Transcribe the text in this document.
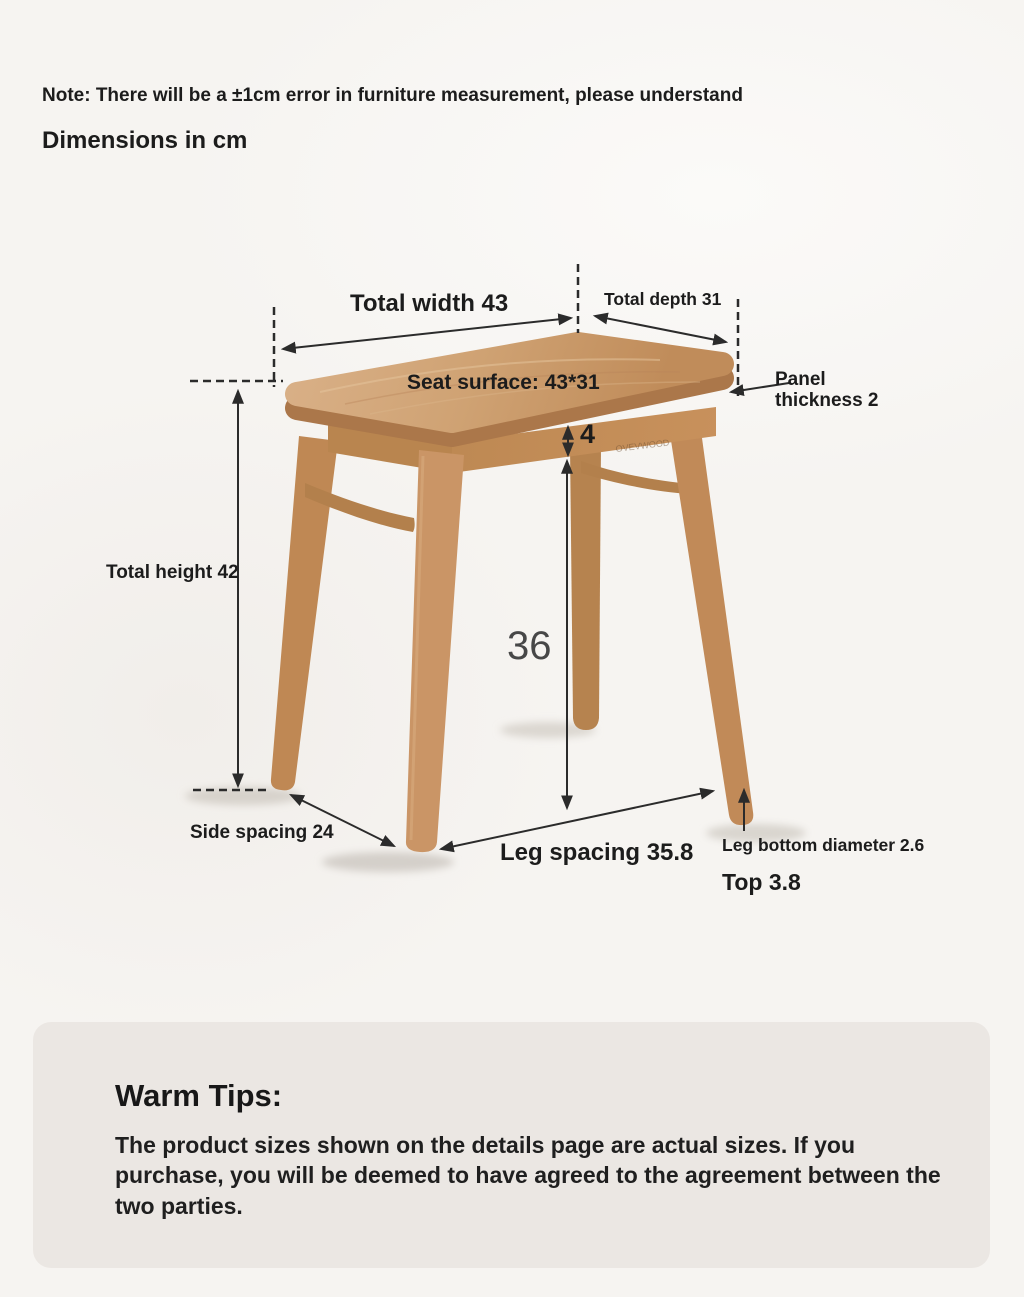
OVEVWOOD
Note: There will be a ±1cm error in furniture measurement, please understand
Dimensions in cm
Total width 43	Total depth 31
Seat surface: 43*31	Panel thickness 2
4
Total height 42
36
Side spacing 24
Leg spacing 35.8 Leg bottom diameter 2.6
Top 3.8
Warm Tips:
The product sizes shown on the details page are actual sizes. If you purchase, you will be deemed to have agreed to the agreement between the two parties.
